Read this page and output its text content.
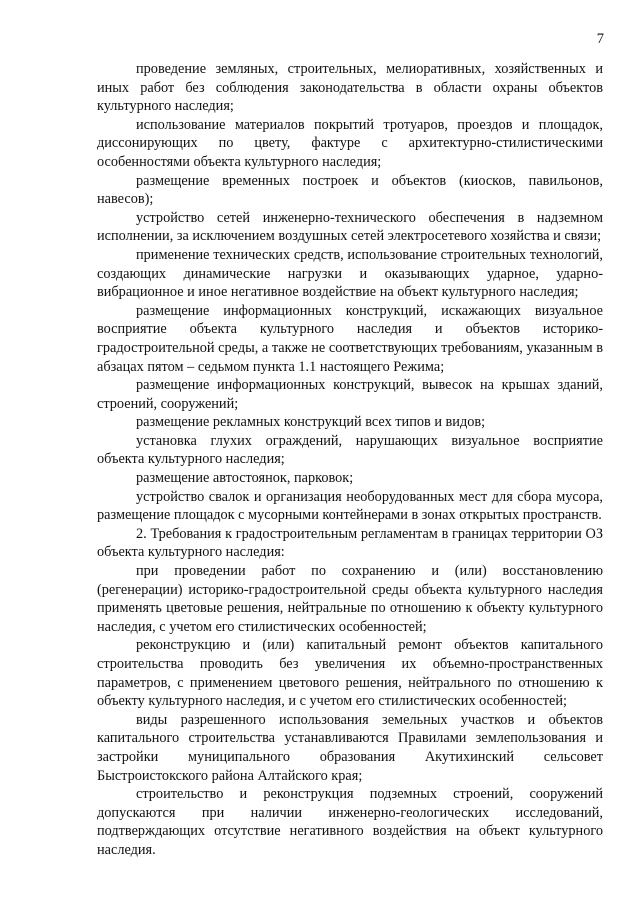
7

проведение земляных, строительных, мелиоративных, хозяйственных и иных работ без соблюдения законодательства в области охраны объектов культурного наследия;

использование материалов покрытий тротуаров, проездов и площадок, диссонирующих по цвету, фактуре с архитектурно-стилистическими особенностями объекта культурного наследия;

размещение временных построек и объектов (киосков, павильонов, навесов);

устройство сетей инженерно-технического обеспечения в надземном исполнении, за исключением воздушных сетей электросетевого хозяйства и связи;

применение технических средств, использование строительных технологий, создающих динамические нагрузки и оказывающих ударное, ударно-вибрационное и иное негативное воздействие на объект культурного наследия;

размещение информационных конструкций, искажающих визуальное восприятие объекта культурного наследия и объектов историко-градостроительной среды, а также не соответствующих требованиям, указанным в абзацах пятом – седьмом пункта 1.1 настоящего Режима;

размещение информационных конструкций, вывесок на крышах зданий, строений, сооружений;

размещение рекламных конструкций всех типов и видов;

установка глухих ограждений, нарушающих визуальное восприятие объекта культурного наследия;

размещение автостоянок, парковок;

устройство свалок и организация необорудованных мест для сбора мусора, размещение площадок с мусорными контейнерами в зонах открытых пространств.

2. Требования к градостроительным регламентам в границах территории ОЗ объекта культурного наследия:

при проведении работ по сохранению и (или) восстановлению (регенерации) историко-градостроительной среды объекта культурного наследия применять цветовые решения, нейтральные по отношению к объекту культурного наследия, с учетом его стилистических особенностей;

реконструкцию и (или) капитальный ремонт объектов капитального строительства проводить без увеличения их объемно-пространственных параметров, с применением цветового решения, нейтрального по отношению к объекту культурного наследия, и с учетом его стилистических особенностей;

виды разрешенного использования земельных участков и объектов капитального строительства устанавливаются Правилами землепользования и застройки муниципального образования Акутихинский сельсовет Быстроистокского района Алтайского края;

строительство и реконструкция подземных строений, сооружений допускаются при наличии инженерно-геологических исследований, подтверждающих отсутствие негативного воздействия на объект культурного наследия.
